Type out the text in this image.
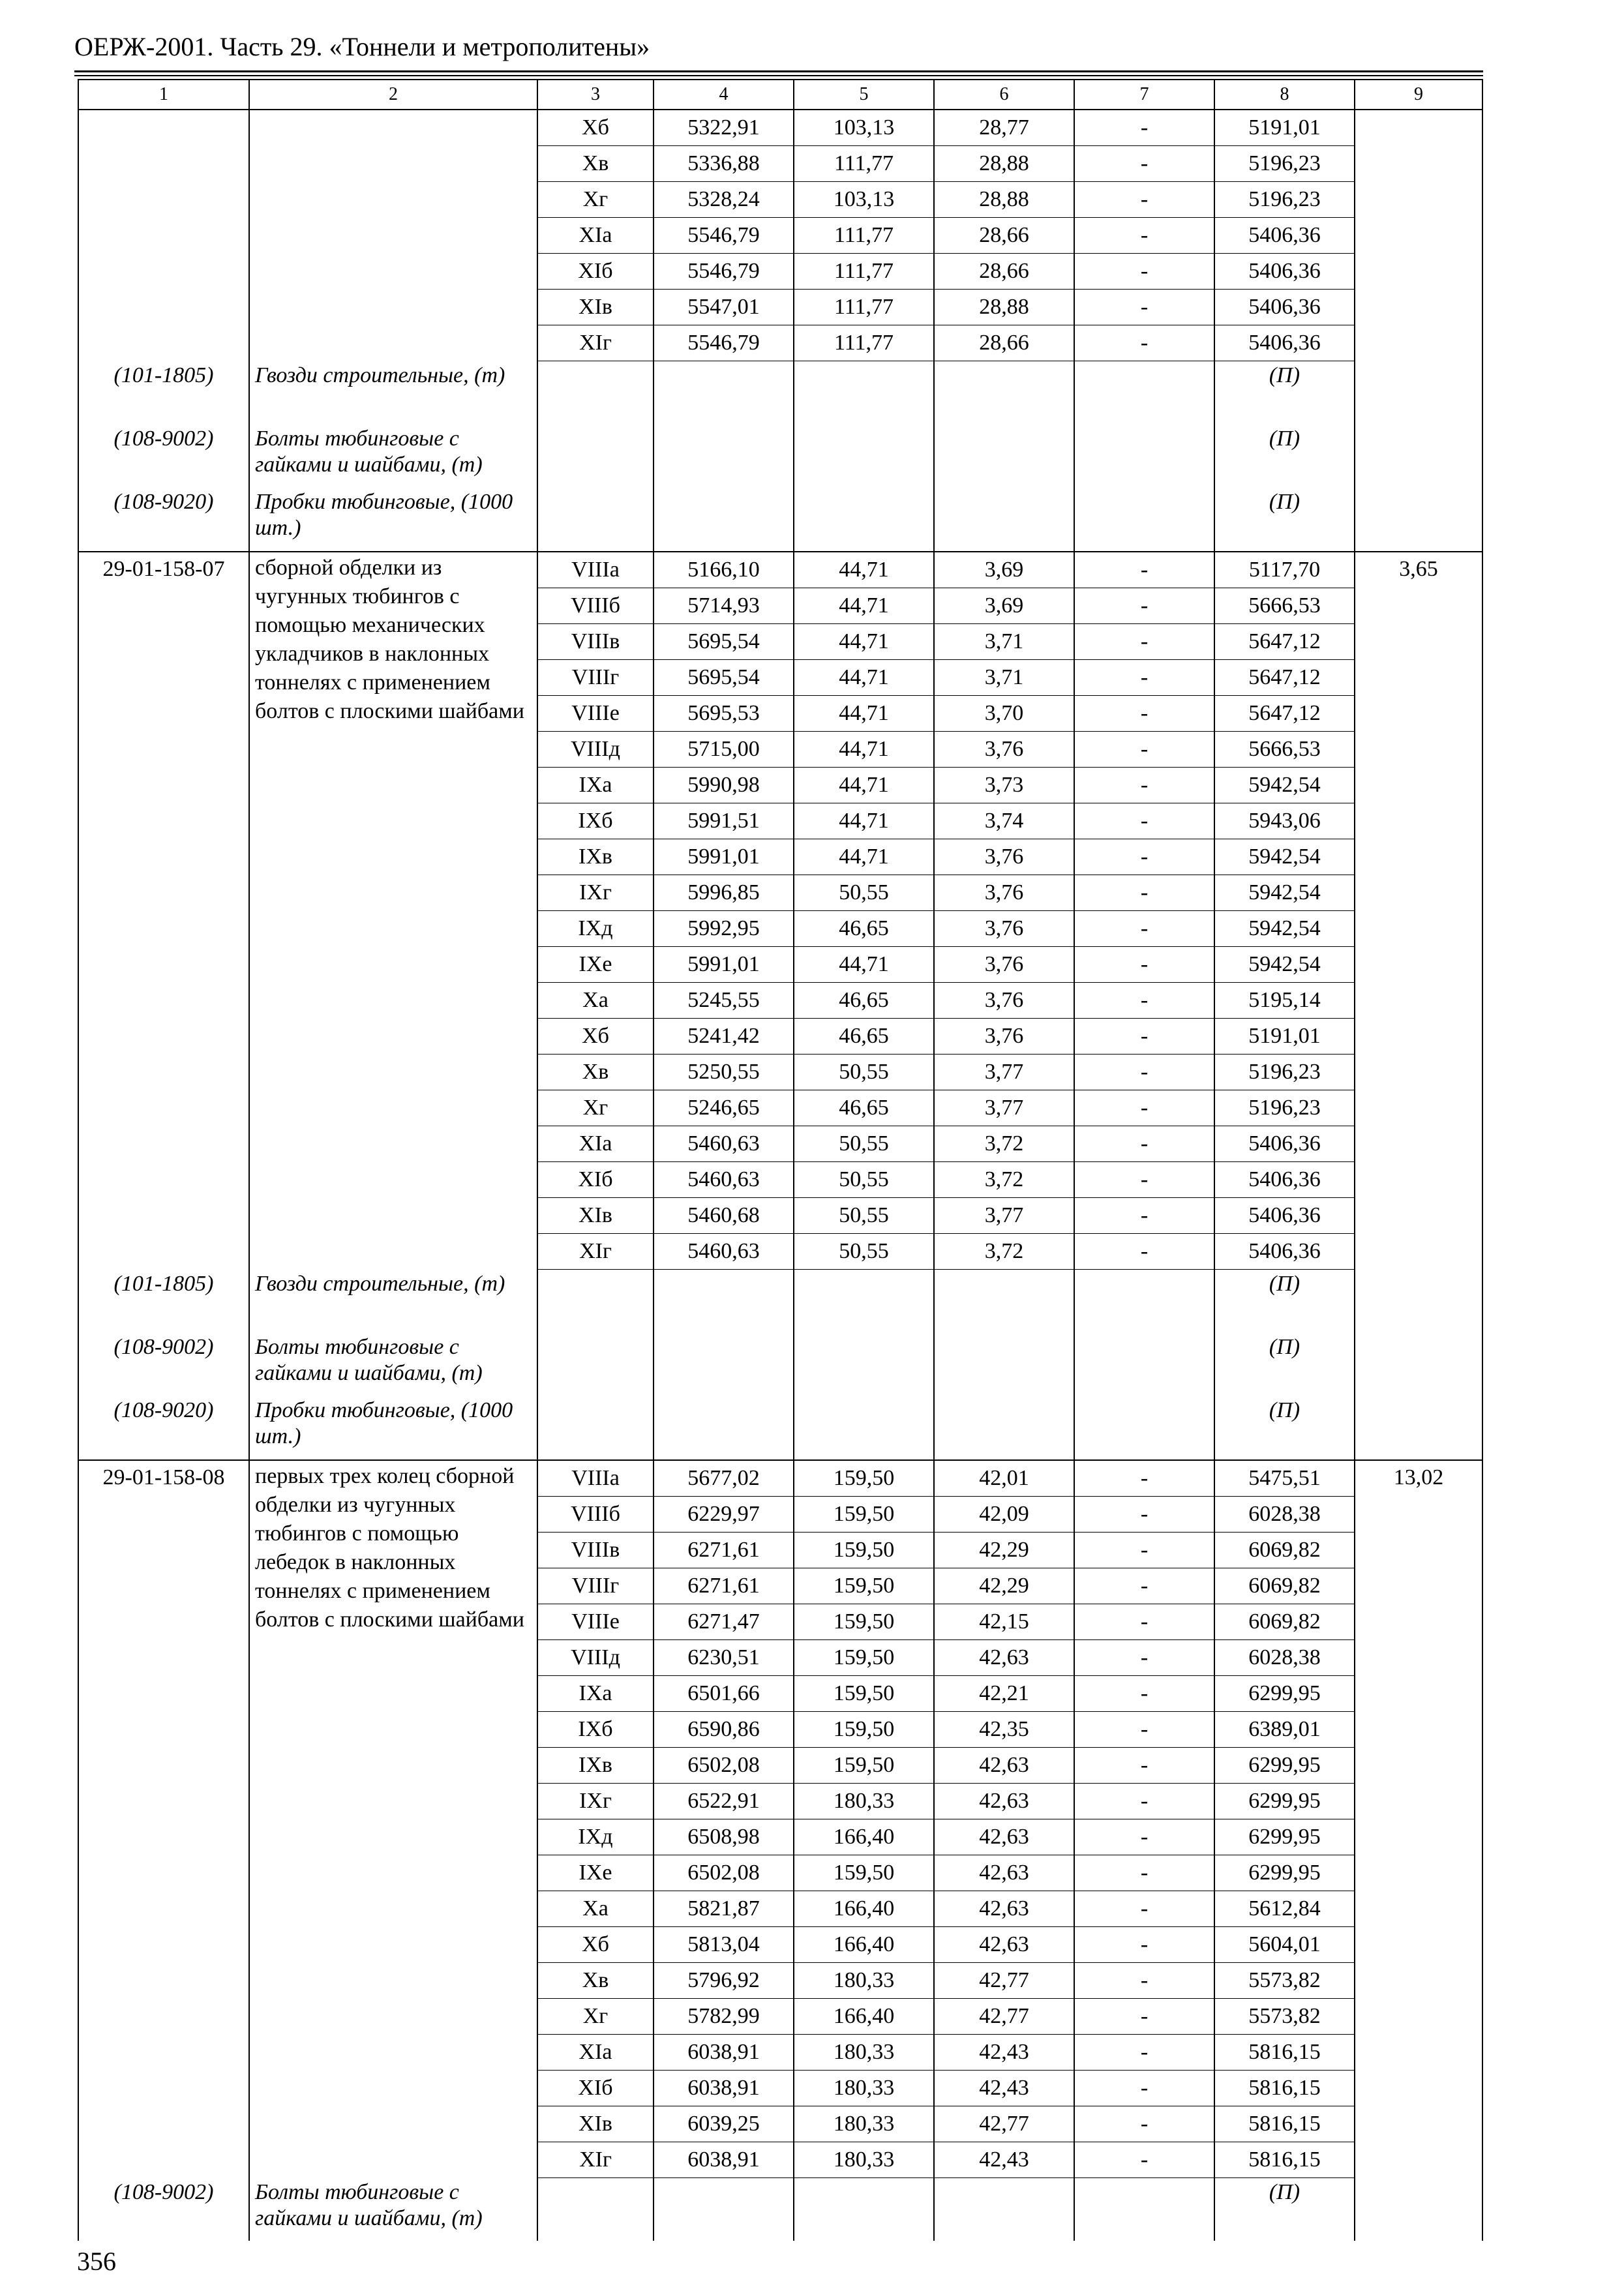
ОЕРЖ-2001. Часть 29. «Тоннели и метрополитены»
1	2	3	4	5	6	7	8	9
		Хб	5322,91	103,13	28,77	-	5191,01	
		Хв	5336,88	111,77	28,88	-	5196,23	
		Хг	5328,24	103,13	28,88	-	5196,23	
		ХIа	5546,79	111,77	28,66	-	5406,36	
		ХIб	5546,79	111,77	28,66	-	5406,36	
		ХIв	5547,01	111,77	28,88	-	5406,36	
		ХIг	5546,79	111,77	28,66	-	5406,36	
(101-1805)	Гвозди строительные, (т)						(П)	
(108-9002)	Болты тюбинговые с гайками и шайбами, (т)						(П)	
(108-9020)	Пробки тюбинговые, (1000 шт.)						(П)	
29-01-158-07	сборной обделки из чугунных тюбингов с помощью механических укладчиков в наклонных тоннелях с применением болтов с плоскими шайбами	VIIIа	5166,10	44,71	3,69	-	5117,70	3,65
		VIIIб	5714,93	44,71	3,69	-	5666,53	
		VIIIв	5695,54	44,71	3,71	-	5647,12	
		VIIIг	5695,54	44,71	3,71	-	5647,12	
		VIIIе	5695,53	44,71	3,70	-	5647,12	
		VIIIд	5715,00	44,71	3,76	-	5666,53	
		IХа	5990,98	44,71	3,73	-	5942,54	
		IХб	5991,51	44,71	3,74	-	5943,06	
		IХв	5991,01	44,71	3,76	-	5942,54	
		IХг	5996,85	50,55	3,76	-	5942,54	
		IХд	5992,95	46,65	3,76	-	5942,54	
		IХе	5991,01	44,71	3,76	-	5942,54	
		Ха	5245,55	46,65	3,76	-	5195,14	
		Хб	5241,42	46,65	3,76	-	5191,01	
		Хв	5250,55	50,55	3,77	-	5196,23	
		Хг	5246,65	46,65	3,77	-	5196,23	
		ХIа	5460,63	50,55	3,72	-	5406,36	
		ХIб	5460,63	50,55	3,72	-	5406,36	
		ХIв	5460,68	50,55	3,77	-	5406,36	
		ХIг	5460,63	50,55	3,72	-	5406,36	
(101-1805)	Гвозди строительные, (т)						(П)	
(108-9002)	Болты тюбинговые с гайками и шайбами, (т)						(П)	
(108-9020)	Пробки тюбинговые, (1000 шт.)						(П)	
29-01-158-08	первых трех колец сборной обделки из чугунных тюбингов с помощью лебедок в наклонных тоннелях с применением болтов с плоскими шайбами	VIIIа	5677,02	159,50	42,01	-	5475,51	13,02
		VIIIб	6229,97	159,50	42,09	-	6028,38	
		VIIIв	6271,61	159,50	42,29	-	6069,82	
		VIIIг	6271,61	159,50	42,29	-	6069,82	
		VIIIе	6271,47	159,50	42,15	-	6069,82	
		VIIIд	6230,51	159,50	42,63	-	6028,38	
		IХа	6501,66	159,50	42,21	-	6299,95	
		IХб	6590,86	159,50	42,35	-	6389,01	
		IХв	6502,08	159,50	42,63	-	6299,95	
		IХг	6522,91	180,33	42,63	-	6299,95	
		IХд	6508,98	166,40	42,63	-	6299,95	
		IХе	6502,08	159,50	42,63	-	6299,95	
		Ха	5821,87	166,40	42,63	-	5612,84	
		Хб	5813,04	166,40	42,63	-	5604,01	
		Хв	5796,92	180,33	42,77	-	5573,82	
		Хг	5782,99	166,40	42,77	-	5573,82	
		ХIа	6038,91	180,33	42,43	-	5816,15	
		ХIб	6038,91	180,33	42,43	-	5816,15	
		ХIв	6039,25	180,33	42,77	-	5816,15	
		ХIг	6038,91	180,33	42,43	-	5816,15	
(108-9002)	Болты тюбинговые с гайками и шайбами, (т)						(П)	
356
